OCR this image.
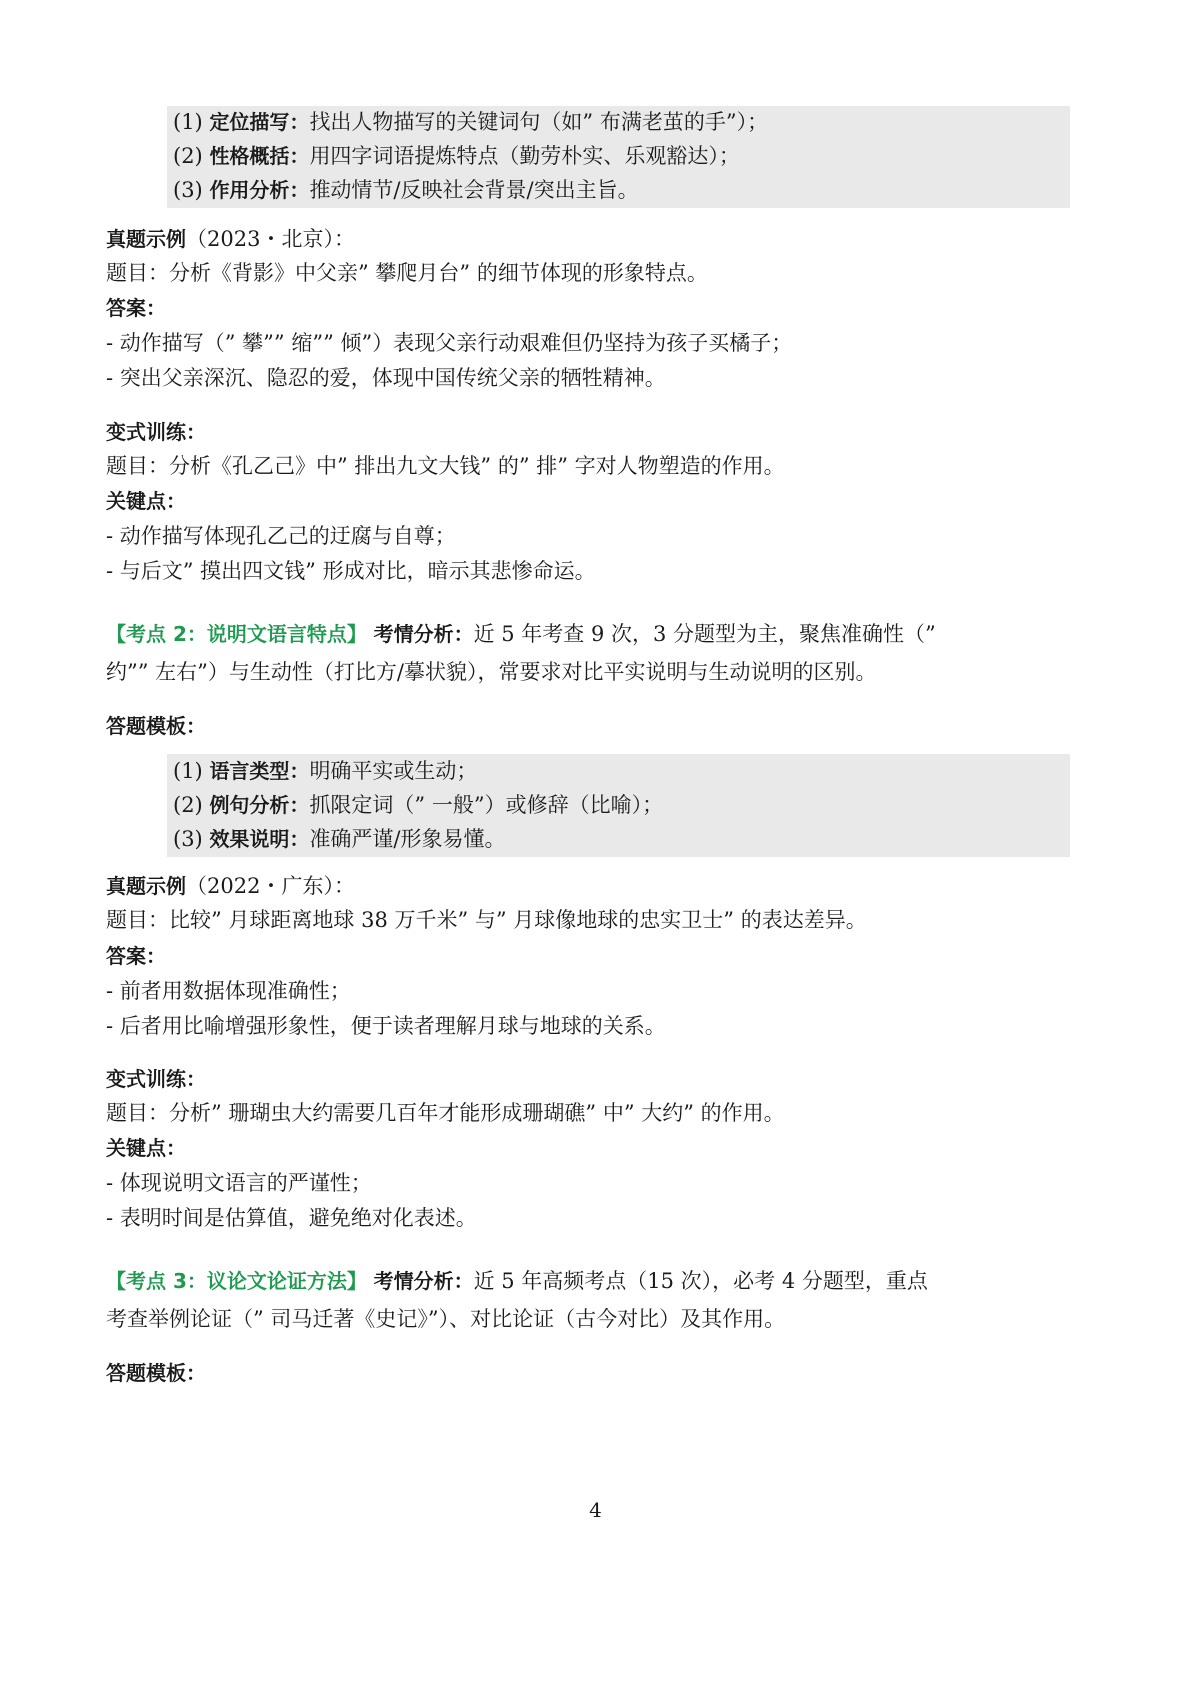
(1) 定位描写：找出人物描写的关键词句（如” 布满老茧的手”）；
(2) 性格概括：用四字词语提炼特点（勤劳朴实、乐观豁达）；
(3) 作用分析：推动情节/反映社会背景/突出主旨。
真题示例（2023・北京）：
题目：分析《背影》中父亲” 攀爬月台” 的细节体现的形象特点。
答案：
- 动作描写（” 攀”” 缩”” 倾”）表现父亲行动艰难但仍坚持为孩子买橘子；
- 突出父亲深沉、隐忍的爱，体现中国传统父亲的牺牲精神。
变式训练：
题目：分析《孔乙己》中” 排出九文大钱” 的” 排” 字对人物塑造的作用。
关键点：
- 动作描写体现孔乙己的迂腐与自尊；
- 与后文” 摸出四文钱” 形成对比，暗示其悲惨命运。
【考点 2：说明文语言特点】 考情分析：近 5 年考查 9 次，3 分题型为主，聚焦准确性（”
约”” 左右”）与生动性（打比方/摹状貌），常要求对比平实说明与生动说明的区别。
答题模板：
(1) 语言类型：明确平实或生动；
(2) 例句分析：抓限定词（” 一般”）或修辞（比喻）；
(3) 效果说明：准确严谨/形象易懂。
真题示例（2022・广东）：
题目：比较” 月球距离地球 38 万千米” 与” 月球像地球的忠实卫士” 的表达差异。
答案：
- 前者用数据体现准确性；
- 后者用比喻增强形象性，便于读者理解月球与地球的关系。
变式训练：
题目：分析” 珊瑚虫大约需要几百年才能形成珊瑚礁” 中” 大约” 的作用。
关键点：
- 体现说明文语言的严谨性；
- 表明时间是估算值，避免绝对化表述。
【考点 3：议论文论证方法】 考情分析：近 5 年高频考点（15 次），必考 4 分题型，重点
考查举例论证（” 司马迁著《史记》”）、对比论证（古今对比）及其作用。
答题模板：
4
